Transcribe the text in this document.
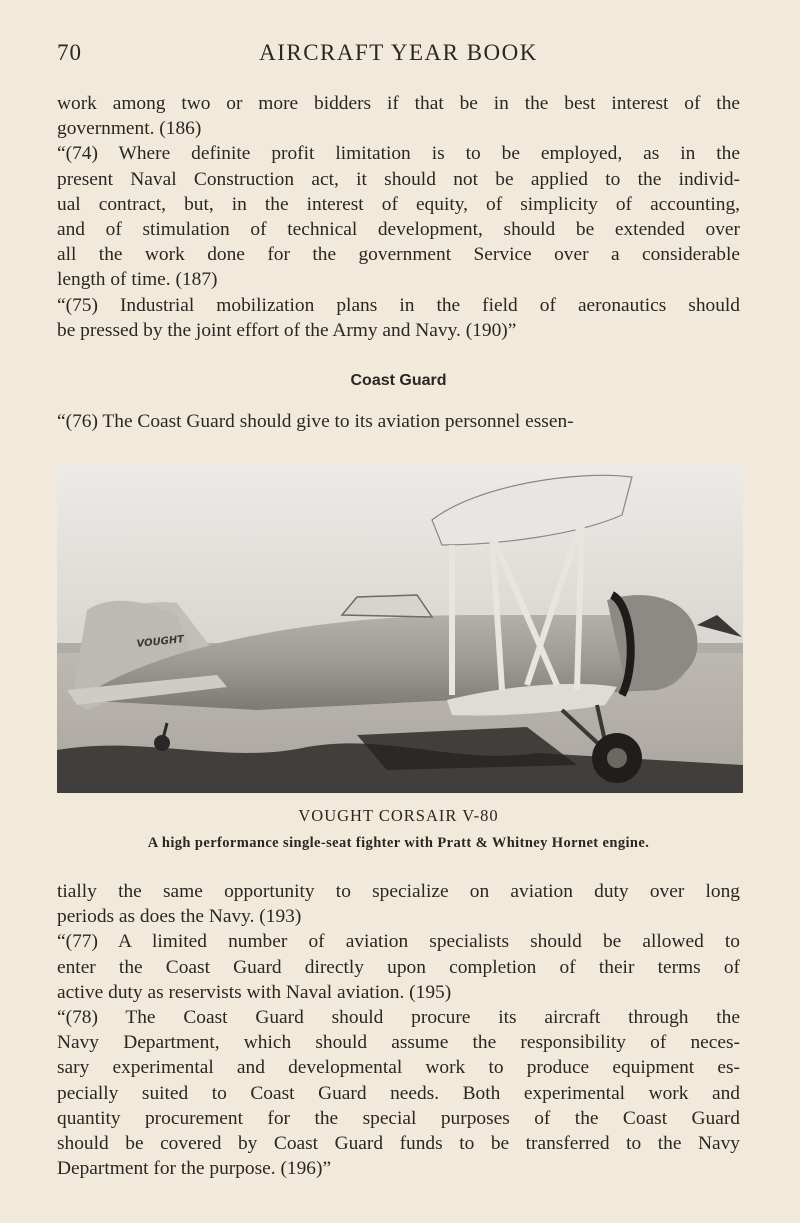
70	AIRCRAFT YEAR BOOK
work among two or more bidders if that be in the best interest of the
government. (186)
“(74) Where definite profit limitation is to be employed, as in the
present Naval Construction act, it should not be applied to the individ-
ual contract, but, in the interest of equity, of simplicity of accounting,
and of stimulation of technical development, should be extended over
all the work done for the government Service over a considerable
length of time. (187)
“(75) Industrial mobilization plans in the field of aeronautics should
be pressed by the joint effort of the Army and Navy. (190)”
Coast Guard
“(76) The Coast Guard should give to its aviation personnel essen-
VOUGHT
VOUGHT CORSAIR V-80
A high performance single-seat fighter with Pratt & Whitney Hornet engine.
tially the same opportunity to specialize on aviation duty over long
periods as does the Navy. (193)
“(77) A limited number of aviation specialists should be allowed to
enter the Coast Guard directly upon completion of their terms of
active duty as reservists with Naval aviation. (195)
“(78) The Coast Guard should procure its aircraft through the
Navy Department, which should assume the responsibility of neces-
sary experimental and developmental work to produce equipment es-
pecially suited to Coast Guard needs. Both experimental work and
quantity procurement for the special purposes of the Coast Guard
should be covered by Coast Guard funds to be transferred to the Navy
Department for the purpose. (196)”
